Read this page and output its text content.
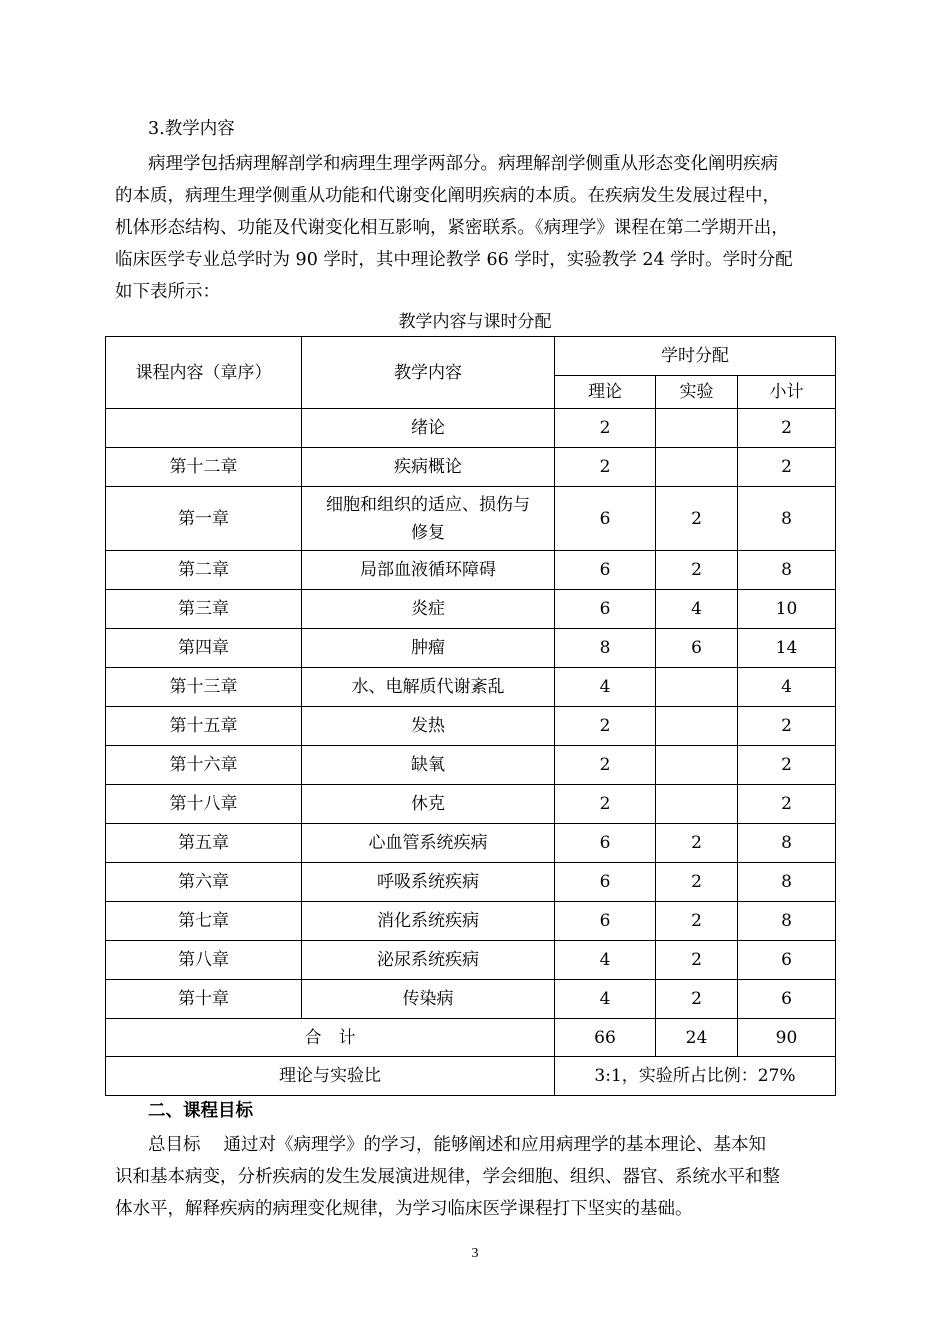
3.教学内容
病理学包括病理解剖学和病理生理学两部分。病理解剖学侧重从形态变化阐明疾病
的本质，病理生理学侧重从功能和代谢变化阐明疾病的本质。在疾病发生发展过程中，
机体形态结构、功能及代谢变化相互影响，紧密联系。《病理学》课程在第二学期开出，
临床医学专业总学时为 90 学时，其中理论教学 66 学时，实验教学 24 学时。学时分配
如下表所示：
教学内容与课时分配
课程内容（章序）	教学内容	学时分配		
		理论	实验	小计
	绪论	2		2
第十二章	疾病概论	2		2
第一章	细胞和组织的适应、损伤与
修复	6	2	8
第二章	局部血液循环障碍	6	2	8
第三章	炎症	6	4	10
第四章	肿瘤	8	6	14
第十三章	水、电解质代谢紊乱	4		4
第十五章	发热	2		2
第十六章	缺氧	2		2
第十八章	休克	2		2
第五章	心血管系统疾病	6	2	8
第六章	呼吸系统疾病	6	2	8
第七章	消化系统疾病	6	2	8
第八章	泌尿系统疾病	4	2	6
第十章	传染病	4	2	6
合　计		66	24	90
理论与实验比		3:1，实验所占比例：27%		
二、课程目标
总目标　 通过对《病理学》的学习，能够阐述和应用病理学的基本理论、基本知
识和基本病变，分析疾病的发生发展演进规律，学会细胞、组织、器官、系统水平和整
体水平，解释疾病的病理变化规律，为学习临床医学课程打下坚实的基础。
3
